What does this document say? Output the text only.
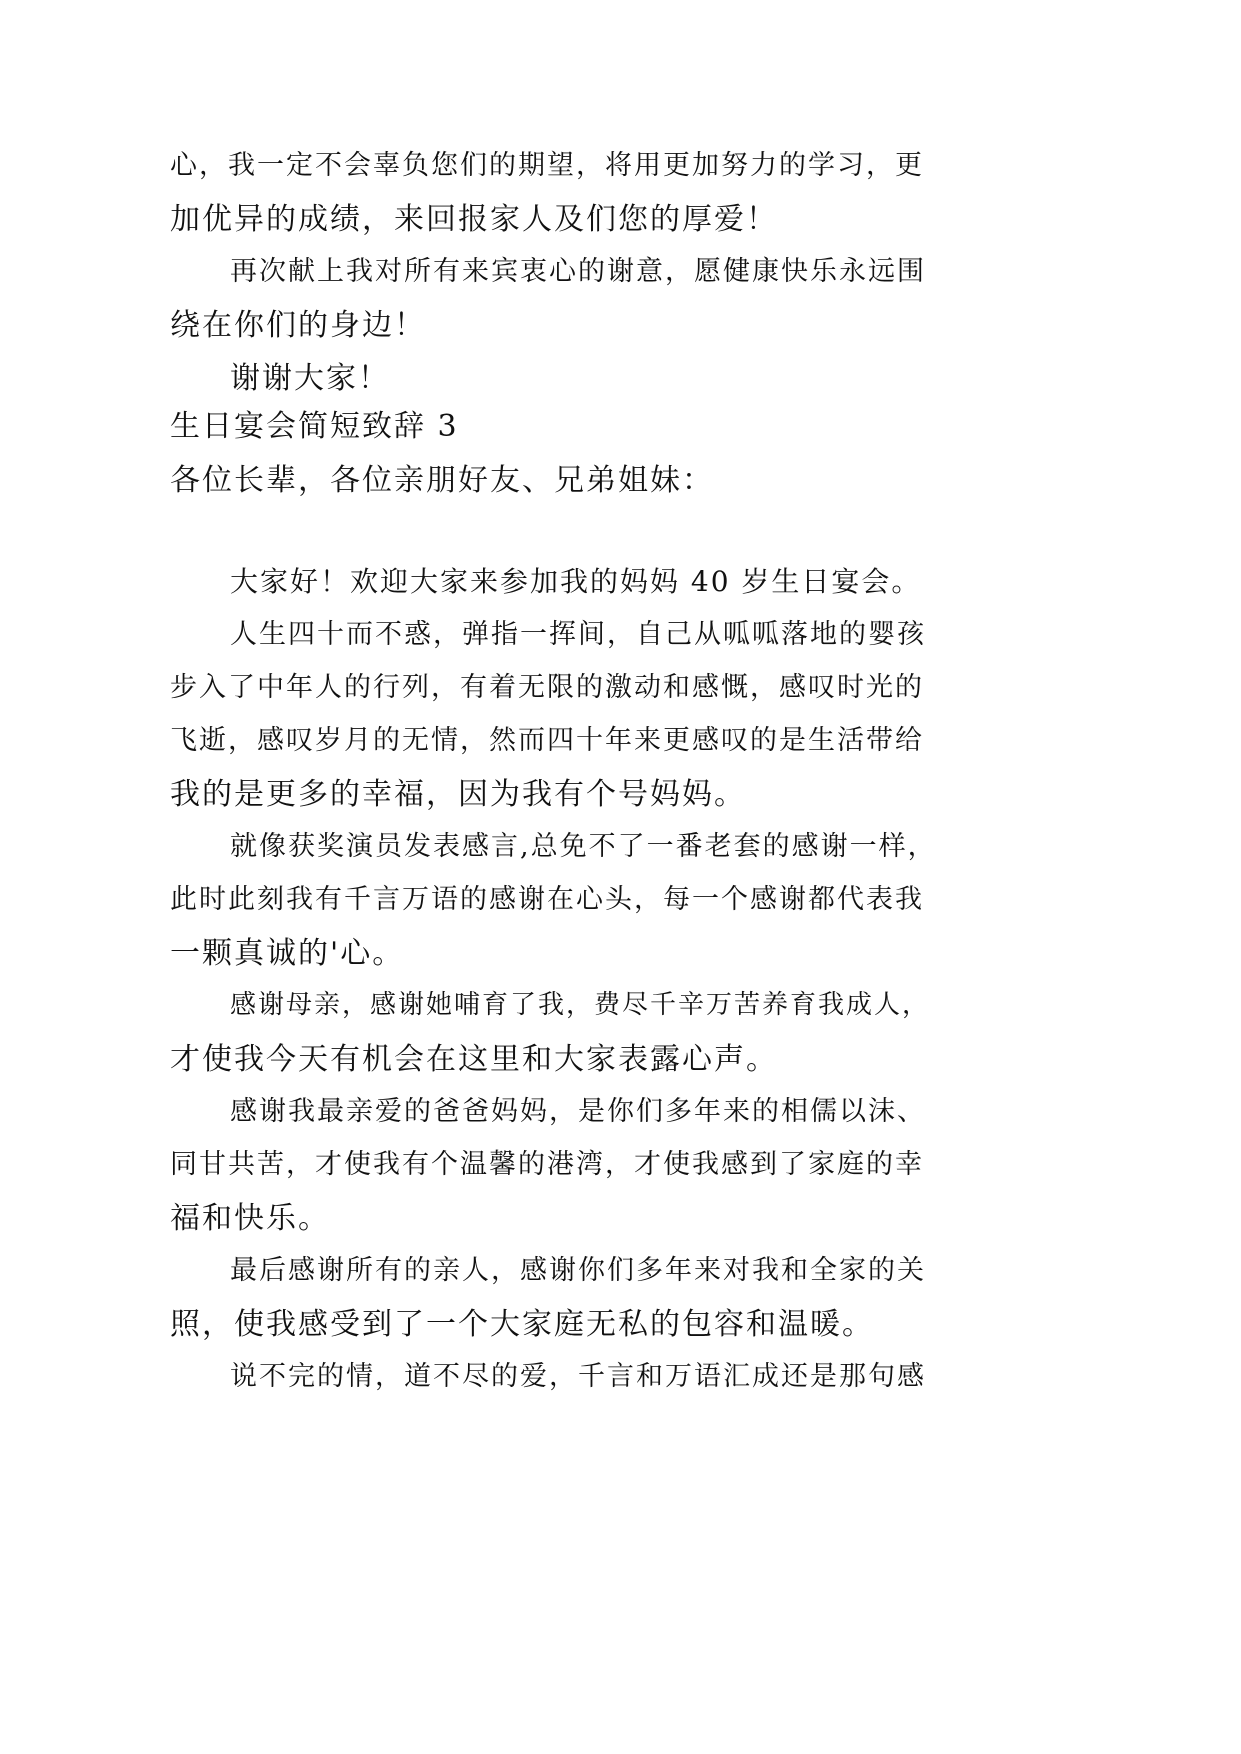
心，我一定不会辜负您们的期望，将用更加努力的学习，更
加优异的成绩，来回报家人及们您的厚爱！
再次献上我对所有来宾衷心的谢意，愿健康快乐永远围
绕在你们的身边！
谢谢大家！
生日宴会简短致辞 3
各位长辈，各位亲朋好友、兄弟姐妹：
大家好！欢迎大家来参加我的妈妈 40 岁生日宴会。
人生四十而不惑，弹指一挥间，自己从呱呱落地的婴孩
步入了中年人的行列，有着无限的激动和感慨，感叹时光的
飞逝，感叹岁月的无情，然而四十年来更感叹的是生活带给
我的是更多的幸福，因为我有个号妈妈。
就像获奖演员发表感言,总免不了一番老套的感谢一样，
此时此刻我有千言万语的感谢在心头，每一个感谢都代表我
一颗真诚的'心。
感谢母亲，感谢她哺育了我，费尽千辛万苦养育我成人，
才使我今天有机会在这里和大家表露心声。
感谢我最亲爱的爸爸妈妈，是你们多年来的相儒以沫、
同甘共苦，才使我有个温馨的港湾，才使我感到了家庭的幸
福和快乐。
最后感谢所有的亲人，感谢你们多年来对我和全家的关
照，使我感受到了一个大家庭无私的包容和温暖。
说不完的情，道不尽的爱，千言和万语汇成还是那句感
